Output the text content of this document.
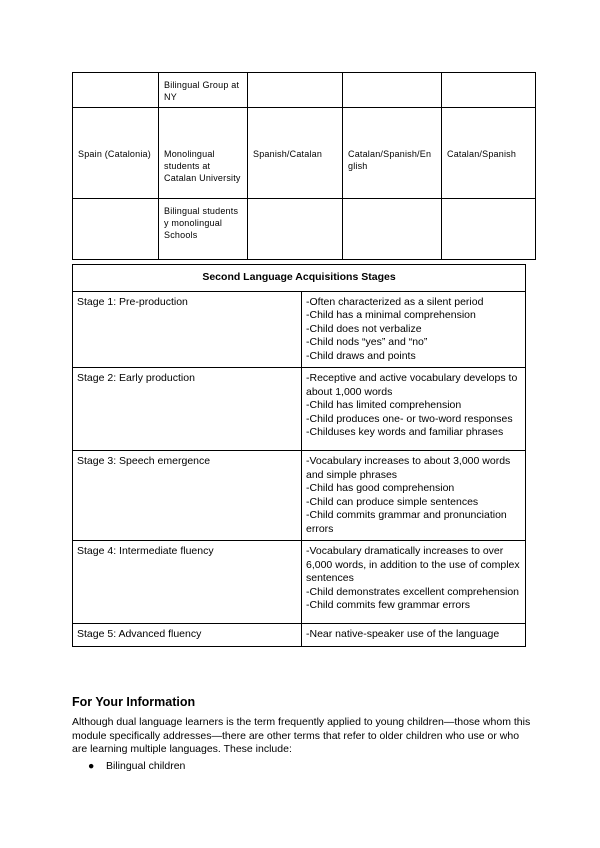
	Bilingual Group at NY			
Spain (Catalonia)	Monolingual students at Catalan University	Spanish/Catalan	Catalan/Spanish/English	Catalan/Spanish
	Bilingual students y monolingual Schools			
Second Language Acquisitions Stages	
Stage 1: Pre-production	-Often characterized as a silent period
-Child has a minimal comprehension
-Child does not verbalize
-Child nods “yes” and “no”
-Child draws and points

Stage 2: Early production	-Receptive and active vocabulary develops to about 1,000 words
-Child has limited comprehension
-Child produces one- or two-word responses
-Childuses key words and familiar phrases

Stage 3: Speech emergence	-Vocabulary increases to about 3,000 words and simple phrases
-Child has good comprehension
-Child can produce simple sentences
-Child commits grammar and pronunciation errors

Stage 4: Intermediate fluency	-Vocabulary dramatically increases to over 6,000 words, in addition to the use of complex sentences
-Child demonstrates excellent comprehension
-Child commits few grammar errors

Stage 5: Advanced fluency	-Near native-speaker use of the language
For Your Information

Although dual language learners is the term frequently applied to young children—those whom this module specifically addresses—there are other terms that refer to older children who use or who are learning multiple languages. These include:

● Bilingual children
